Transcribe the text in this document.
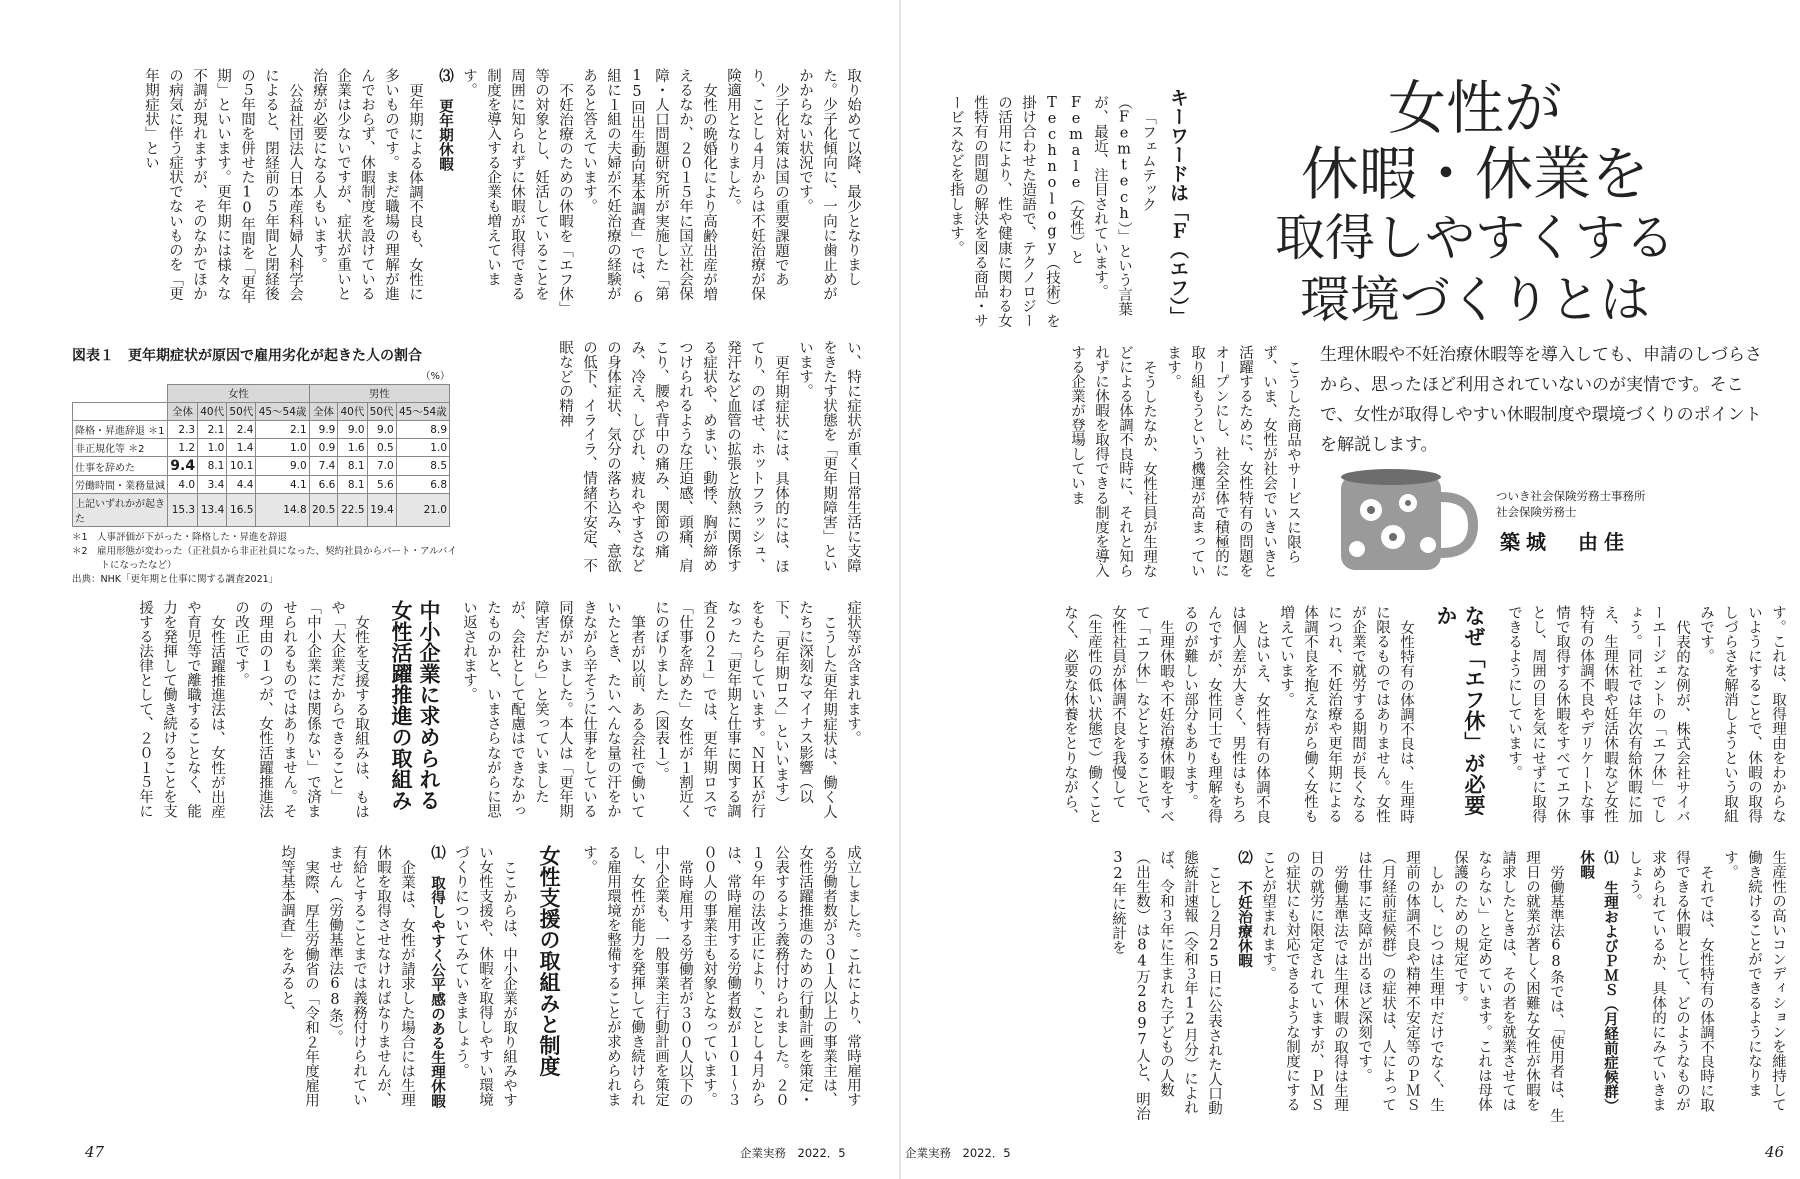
女性が
休暇・休業を
取得しやすくする
環境づくりとは
生理休暇や不妊治療休暇等を導入しても、申請のしづらさから、思ったほど利用されていないのが実情です。そこで、女性が取得しやすい休暇制度や環境づくりのポイントを解説します。
ついき社会保険労務士事務所
社会保険労務士
築城　由佳
キーワードは「Ｆ（エフ）」

「フェムテック（Femtech）」という言葉が、最近、注目されています。Female（女性）とTechnology（技術）を掛け合わせた造語で、テクノロジーの活用により、性や健康に関わる女性特有の問題の解決を図る商品・サービスなどを指します。

こうした商品やサービスに限らず、いま、女性が社会でいきいきと活躍するために、女性特有の問題をオープンにし、社会全体で積極的に取り組もうという機運が高まっています。

そうしたなか、女性社員が生理などによる体調不良時に、それと知られずに休暇を取得できる制度を導入する企業が登場していま

す。これは、取得理由をわからないようにすることで、休暇の取得しづらさを解消しようという取組みです。

代表的な例が、株式会社サイバーエージェントの「エフ休」でしょう。同社では年次有給休暇に加え、生理休暇や妊活休暇など女性特有の体調不良やデリケートな事情で取得する休暇をすべてエフ休とし、周囲の目を気にせずに取得できるようにしています。

なぜ「エフ休」が必要か

女性特有の体調不良は、生理時に限るものではありません。女性が企業で就労する期間が長くなるにつれ、不妊治療や更年期による体調不良を抱えながら働く女性も増えています。

とはいえ、女性特有の体調不良は個人差が大きく、男性はもちろんですが、女性同士でも理解を得るのが難しい部分もあります。

生理休暇や不妊治療休暇をすべて「エフ休」などとすることで、女性社員が体調不良を我慢して（生産性の低い状態で）働くことなく、必要な休養をとりながら、

生産性の高いコンディションを維持して働き続けることができるようになります。

それでは、女性特有の体調不良時に取得できる休暇として、どのようなものが求められているか、具体的にみていきましょう。

⑴ 生理およびＰＭＳ（月経前症候群）休暇

労働基準法68条では、「使用者は、生理日の就業が著しく困難な女性が休暇を請求したときは、その者を就業させてはならない」と定めています。これは母体保護のための規定です。

しかし、じつは生理中だけでなく、生理前の体調不良や精神不安定等のＰＭＳ（月経前症候群）の症状は、人によっては仕事に支障が出るほど深刻です。

労働基準法では生理休暇の取得は生理日の就労に限定されていますが、ＰＭＳの症状にも対応できるような制度にすることが望まれます。

⑵ 不妊治療休暇

ことし２月25日に公表された人口動態統計速報（令和３年12月分）によれば、令和３年に生まれた子どもの人数（出生数）は84万2897人と、明治32年に統計を

企業実務　2022．5	46

取り始めて以降、最少となりました。少子化傾向に、一向に歯止めがかからない状況です。

少子化対策は国の重要課題であり、ことし４月からは不妊治療が保険適用となりました。

女性の晩婚化により高齢出産が増えるなか、２０１５年に国立社会保障・人口問題研究所が実施した「第15回出生動向基本調査」では、６組に１組の夫婦が不妊治療の経験があると答えています。

不妊治療のための休暇を「エフ休」等の対象とし、妊活していることを周囲に知られずに休暇が取得できる制度を導入する企業も増えています。

⑶ 更年期休暇

更年期による体調不良も、女性に多いものです。まだ職場の理解が進んでおらず、休暇制度を設けている企業は少ないですが、症状が重いと治療が必要になる人もいます。

公益社団法人日本産科婦人科学会によると、閉経前の５年間と閉経後の５年間を併せた10年間を「更年期」といいます。更年期には様々な不調が現れますが、そのなかでほかの病気に伴う症状でないものを「更年期症状」とい

い、特に症状が重く日常生活に支障をきたす状態を「更年期障害」といいます。

更年期症状には、具体的には、ほてり、のぼせ、ホットフラッシュ、発汗など血管の拡張と放熱に関係する症状や、めまい、動悸、胸が締めつけられるような圧迫感、頭痛、肩こり、腰や背中の痛み、関節の痛み、冷え、しびれ、疲れやすさなどの身体症状、気分の落ち込み、意欲の低下、イライラ、情緒不安定、不眠などの精神

図表１　更年期症状が原因で雇用劣化が起きた人の割合
（%）
	女性				男性			
	全体	40代	50代	45～54歳	全体	40代	50代	45～54歳
降格・昇進辞退 ＊1	2.3	2.1	2.4	2.1	9.9	9.0	9.0	8.9
非正規化等 ＊2	1.2	1.0	1.4	1.0	0.9	1.6	0.5	1.0
仕事を辞めた	9.4	8.1	10.1	9.0	7.4	8.1	7.0	8.5
労働時間・業務量減	4.0	3.4	4.4	4.1	6.6	8.1	5.6	6.8
上記いずれかが起きた	15.3	13.4	16.5	14.8	20.5	22.5	19.4	21.0
＊1　人事評価が下がった・降格した・昇進を辞退
＊2　雇用形態が変わった（正社員から非正社員になった、契約社員からパート・アルバイ
　　　トになったなど）
出典：NHK「更年期と仕事に関する調査2021」

症状等が含まれます。

こうした更年期症状は、働く人たちに深刻なマイナス影響（以下、「更年期ロス」といいます）をもたらしています。ＮＨＫが行なった「更年期と仕事に関する調査２０２１」では、更年期ロスで「仕事を辞めた」女性が１割近くにのぼりました（図表１）。

筆者が以前、ある会社で働いていたとき、たいへんな量の汗をかきながら辛そうに仕事をしている同僚がいました。本人は「更年期障害だから」と笑っていましたが、会社として配慮はできなかったものかと、いまさらながらに思い返されます。

中小企業に求められる女性活躍推進の取組み

女性を支援する取組みは、もはや「大企業だからできること」「中小企業には関係ない」で済ませられるものではありません。その理由の１つが、女性活躍推進法の改正です。

女性活躍推進法は、女性が出産や育児等で離職することなく、能力を発揮して働き続けることを支援する法律として、２０１５年に

成立しました。これにより、常時雇用する労働者数が３０１人以上の事業主は、女性活躍推進のための行動計画を策定・公表するよう義務付けられました。２０１９年の法改正により、ことし４月からは、常時雇用する労働者数が１０１～３００人の事業主も対象となっています。

常時雇用する労働者が３００人以下の中小企業も、一般事業主行動計画を策定し、女性が能力を発揮して働き続けられる雇用環境を整備することが求められます。

女性支援の取組みと制度

ここからは、中小企業が取り組みやすい女性支援や、休暇を取得しやすい環境づくりについてみていきましょう。

⑴ 取得しやすく公平感のある生理休暇

企業は、女性が請求した場合には生理休暇を取得させなければなりませんが、有給とすることまでは義務付けられていません（労働基準法68条）。

実際、厚生労働省の「令和２年度雇用均等基本調査」をみると、

47	企業実務　2022．5
